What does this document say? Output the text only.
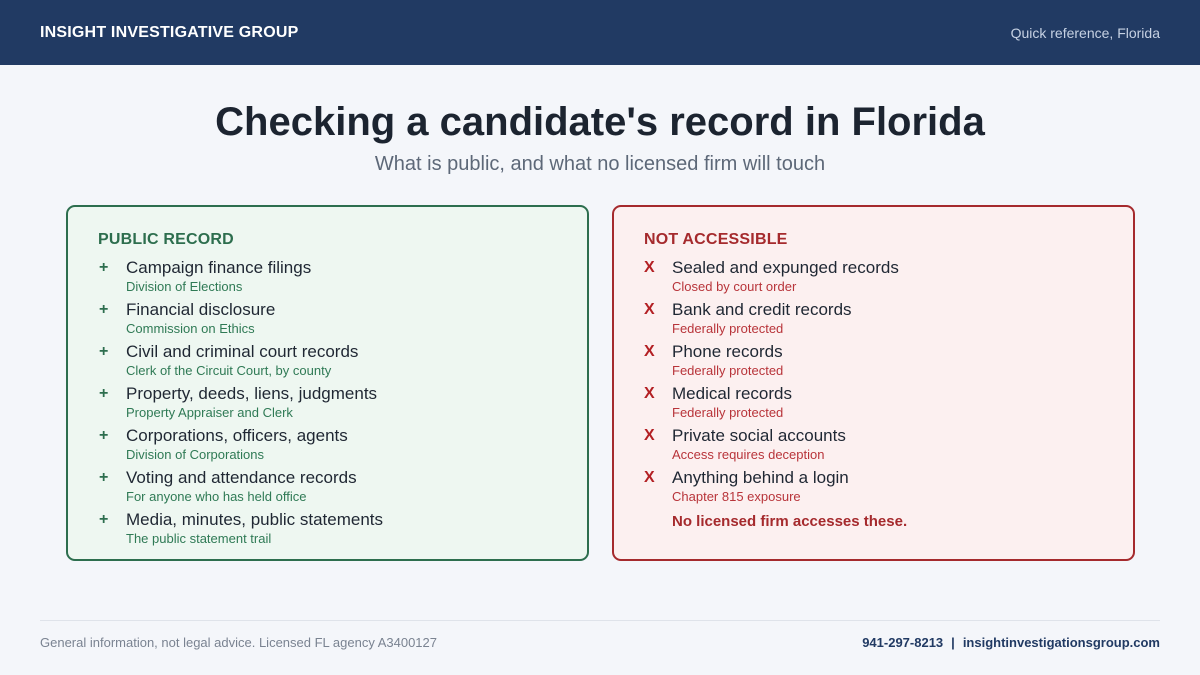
INSIGHT INVESTIGATIVE GROUP	Quick reference, Florida
Checking a candidate's record in Florida
What is public, and what no licensed firm will touch
PUBLIC RECORD
+	Campaign finance filings
Division of Elections
+	Financial disclosure
Commission on Ethics
+	Civil and criminal court records
Clerk of the Circuit Court, by county
+	Property, deeds, liens, judgments
Property Appraiser and Clerk
+	Corporations, officers, agents
Division of Corporations
+	Voting and attendance records
For anyone who has held office
+	Media, minutes, public statements
The public statement trail
NOT ACCESSIBLE
X	Sealed and expunged records
Closed by court order
X	Bank and credit records
Federally protected
X	Phone records
Federally protected
X	Medical records
Federally protected
X	Private social accounts
Access requires deception
X	Anything behind a login
Chapter 815 exposure
No licensed firm accesses these.
General information, not legal advice. Licensed FL agency A3400127	941-297-8213 | insightinvestigationsgroup.com
